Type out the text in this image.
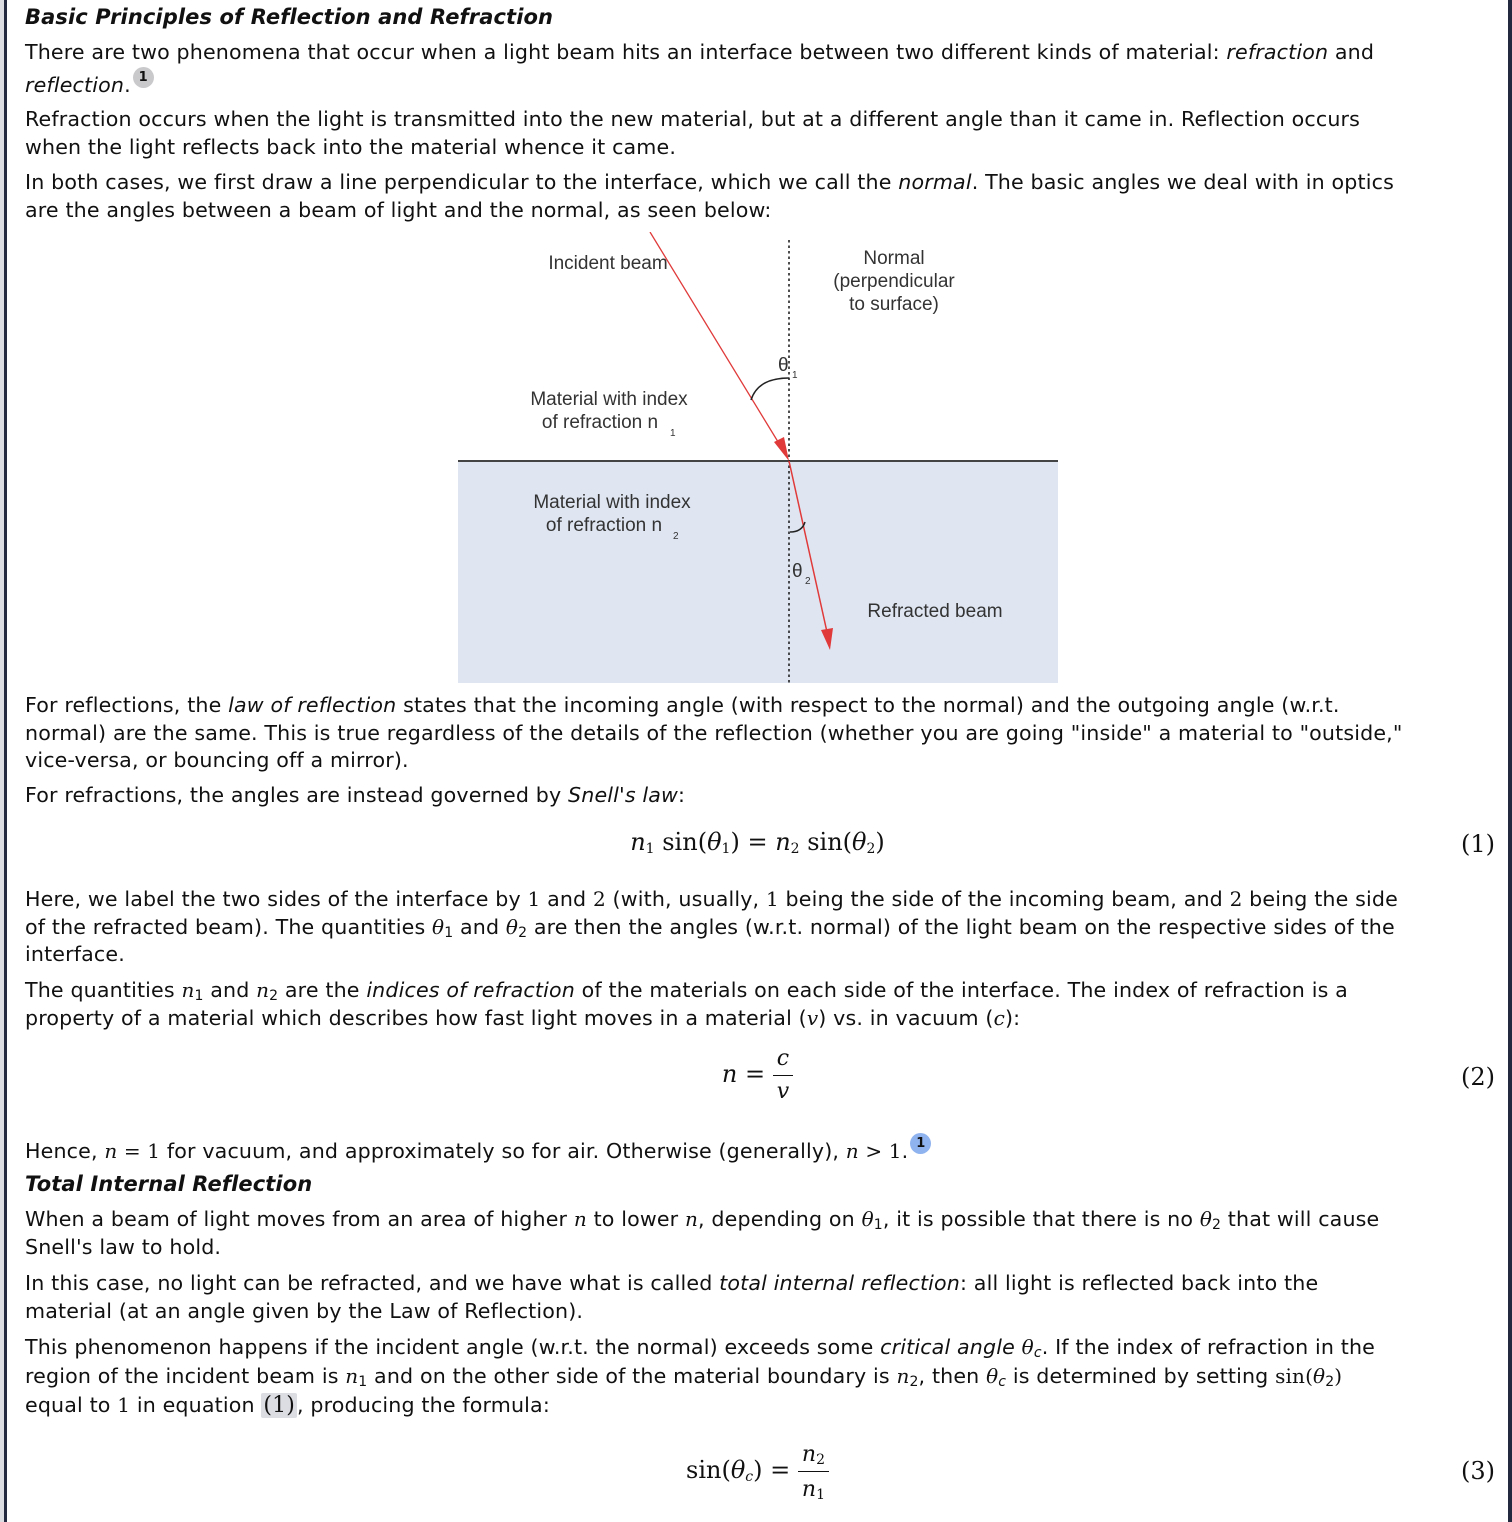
Basic Principles of Reflection and Refraction

There are two phenomena that occur when a light beam hits an interface between two different kinds of material: refraction and
reflection. 1

Refraction occurs when the light is transmitted into the new material, but at a different angle than it came in. Reflection occurs
when the light reflects back into the material whence it came.

In both cases, we first draw a line perpendicular to the interface, which we call the normal. The basic angles we deal with in optics
are the angles between a beam of light and the normal, as seen below:

Incident beam	Normal
(perpendicular
to surface)
θ 1
Material with index
of refraction n
1
Material with index
of refraction n
2
θ 2
Refracted beam

For reflections, the law of reflection states that the incoming angle (with respect to the normal) and the outgoing angle (w.r.t.
normal) are the same. This is true regardless of the details of the reflection (whether you are going "inside" a material to "outside,"
vice-versa, or bouncing off a mirror).

For refractions, the angles are instead governed by Snell's law:

$n_1$ $\sin(\theta_1) = n_2$ $\sin(\theta_2)$	(1)

Here, we label the two sides of the interface by 1 and 2 (with, usually, 1 being the side of the incoming beam, and 2 being the side
of the refracted beam). The quantities $\theta_1$ and $\theta_2$ are then the angles (w.r.t. normal) of the light beam on the respective sides of the
interface.

The quantities $n_1$ and $n_2$ are the indices of refraction of the materials on each side of the interface. The index of refraction is a
property of a material which describes how fast light moves in a material (v) vs. in vacuum (c):

$n = \frac{c}{v}$	(2)

Hence, n = 1 for vacuum, and approximately so for air. Otherwise (generally), n > 1. 1

Total Internal Reflection

When a beam of light moves from an area of higher n to lower n, depending on $\theta_1$, it is possible that there is no $\theta_2$ that will cause
Snell's law to hold.

In this case, no light can be refracted, and we have what is called total internal reflection: all light is reflected back into the
material (at an angle given by the Law of Reflection).

This phenomenon happens if the incident angle (w.r.t. the normal) exceeds some critical angle $\theta_c$. If the index of refraction in the
region of the incident beam is $n_1$ and on the other side of the material boundary is $n_2$, then $\theta_c$ is determined by setting $\sin(\theta_2)$
equal to 1 in equation (1), producing the formula:

$\sin(\theta_c) = \frac{n_2}{n_1}$	(3)
